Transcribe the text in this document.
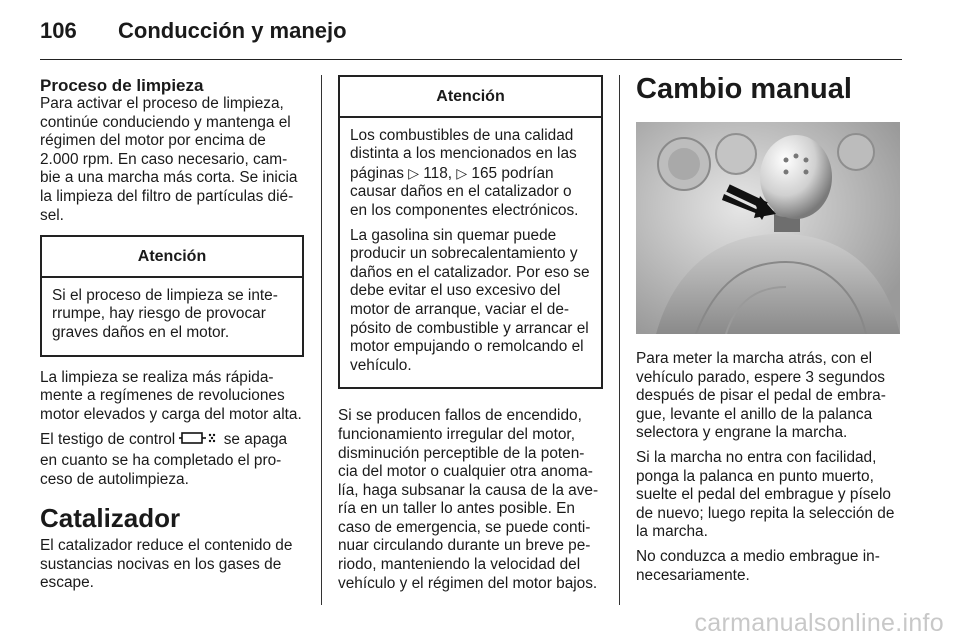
106 Conducción y manejo
Proceso de limpieza

Para activar el proceso de limpieza, continúe conduciendo y mantenga el régimen del motor por encima de 2.000 rpm. En caso necesario, cam-bie a una marcha más corta. Se inicia la limpieza del filtro de partículas dié-sel.

Atención

Si el proceso de limpieza se inte-rrumpe, hay riesgo de provocar graves daños en el motor.

La limpieza se realiza más rápida-mente a regímenes de revoluciones motor elevados y carga del motor alta.

El testigo de control	se apaga en cuanto se ha completado el pro-ceso de autolimpieza.

Catalizador

El catalizador reduce el contenido de sustancias nocivas en los gases de escape.

Atención

Los combustibles de una calidad distinta a los mencionados en las páginas ▷ 118, ▷ 165 podrían causar daños en el catalizador o en los componentes electrónicos.

La gasolina sin quemar puede producir un sobrecalentamiento y daños en el catalizador. Por eso se debe evitar el uso excesivo del motor de arranque, vaciar el de-pósito de combustible y arrancar el motor empujando o remolcando el vehículo.

Si se producen fallos de encendido, funcionamiento irregular del motor, disminución perceptible de la poten-cia del motor o cualquier otra anoma-lía, haga subsanar la causa de la ave-ría en un taller lo antes posible. En caso de emergencia, se puede conti-nuar circulando durante un breve pe-riodo, manteniendo la velocidad del vehículo y el régimen del motor bajos.

Cambio manual

Para meter la marcha atrás, con el vehículo parado, espere 3 segundos después de pisar el pedal de embra-gue, levante el anillo de la palanca selectora y engrane la marcha.

Si la marcha no entra con facilidad, ponga la palanca en punto muerto, suelte el pedal del embrague y píselo de nuevo; luego repita la selección de la marcha.

No conduzca a medio embrague in-necesariamente.

carmanualsonline.info
